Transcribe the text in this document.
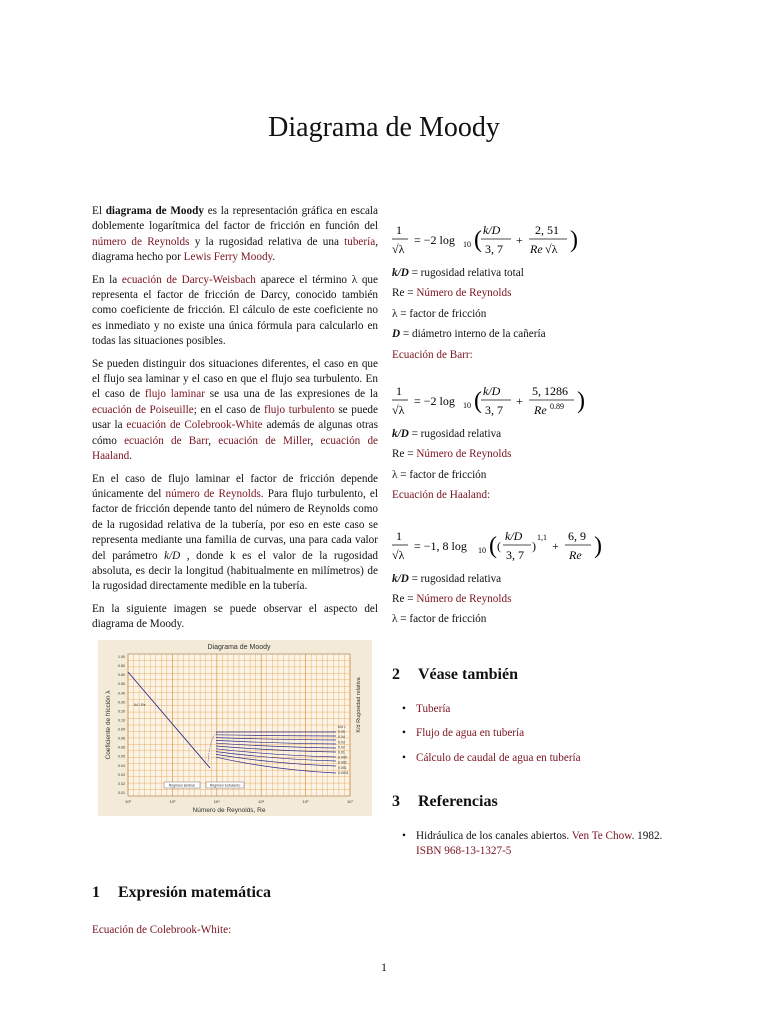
Diagrama de Moody

El diagrama de Moody es la representación gráfica en escala doblemente logarítmica del factor de fricción en función del número de Reynolds y la rugosidad relativa de una tubería, diagrama hecho por Lewis Ferry Moody.

En la ecuación de Darcy-Weisbach aparece el término λ que representa el factor de fricción de Darcy, conocido también como coeficiente de fricción. El cálculo de este coeficiente no es inmediato y no existe una única fórmula para calcularlo en todas las situaciones posibles.

Se pueden distinguir dos situaciones diferentes, el caso en que el flujo sea laminar y el caso en que el flujo sea turbulento. En el caso de flujo laminar se usa una de las expresiones de la ecuación de Poiseuille; en el caso de flujo turbulento se puede usar la ecuación de Colebrook-White además de algunas otras cómo ecuación de Barr, ecuación de Miller, ecuación de Haaland.

En el caso de flujo laminar el factor de fricción depende únicamente del número de Reynolds. Para flujo turbulento, el factor de fricción depende tanto del número de Reynolds como de la rugosidad relativa de la tubería, por eso en este caso se representa mediante una familia de curvas, una para cada valor del parámetro k/D , donde k es el valor de la rugosidad absoluta, es decir la longitud (habitualmente en milímetros) de la rugosidad directamente medible en la tubería.

En la siguiente imagen se puede observar el aspecto del diagrama de Moody.

Diagrama de Moody
1.00
0.80
0.60
0.50
0.40
0.30
0.20
0.10
0.09
0.08
0.06
0.05
0.04
0.03
0.02
0.01
10²	10³	10⁴	10⁵	10⁶	10⁷
Número de Reynolds, Re
Coeficiente de fricción λ	K/d Rugosidad relativa
64 / Re
k/d =
0.05
0.04
0.03
0.02
0.01
0.005
0.002
0.001
0.0001
Régimen laminar	Régimen turbulento
1 Expresión matemática
Ecuación de Colebrook-White:
1
√λ
= −2 log 10 ( k/D
3, 7
+
2, 51
Re √λ )
k/D = rugosidad relativa total
Re = Número de Reynolds
λ = factor de fricción
D = diámetro interno de la cañería
Ecuación de Barr:
1
√λ
= −2 log 10 ( k/D
3, 7
+
5, 1286
Re 0.89 )
k/D = rugosidad relativa
Re = Número de Reynolds
λ = factor de fricción
Ecuación de Haaland:
1
√λ
= −1, 8 log 10 ( (
k/D
3, 7
)
1,1
+
6, 9
Re )
k/D = rugosidad relativa
Re = Número de Reynolds
λ = factor de fricción
2 Véase también
• Tubería
• Flujo de agua en tubería
• Cálculo de caudal de agua en tubería
3 Referencias
• Hidráulica de los canales abiertos. Ven Te Chow. 1982. ISBN 968-13-1327-5
1
